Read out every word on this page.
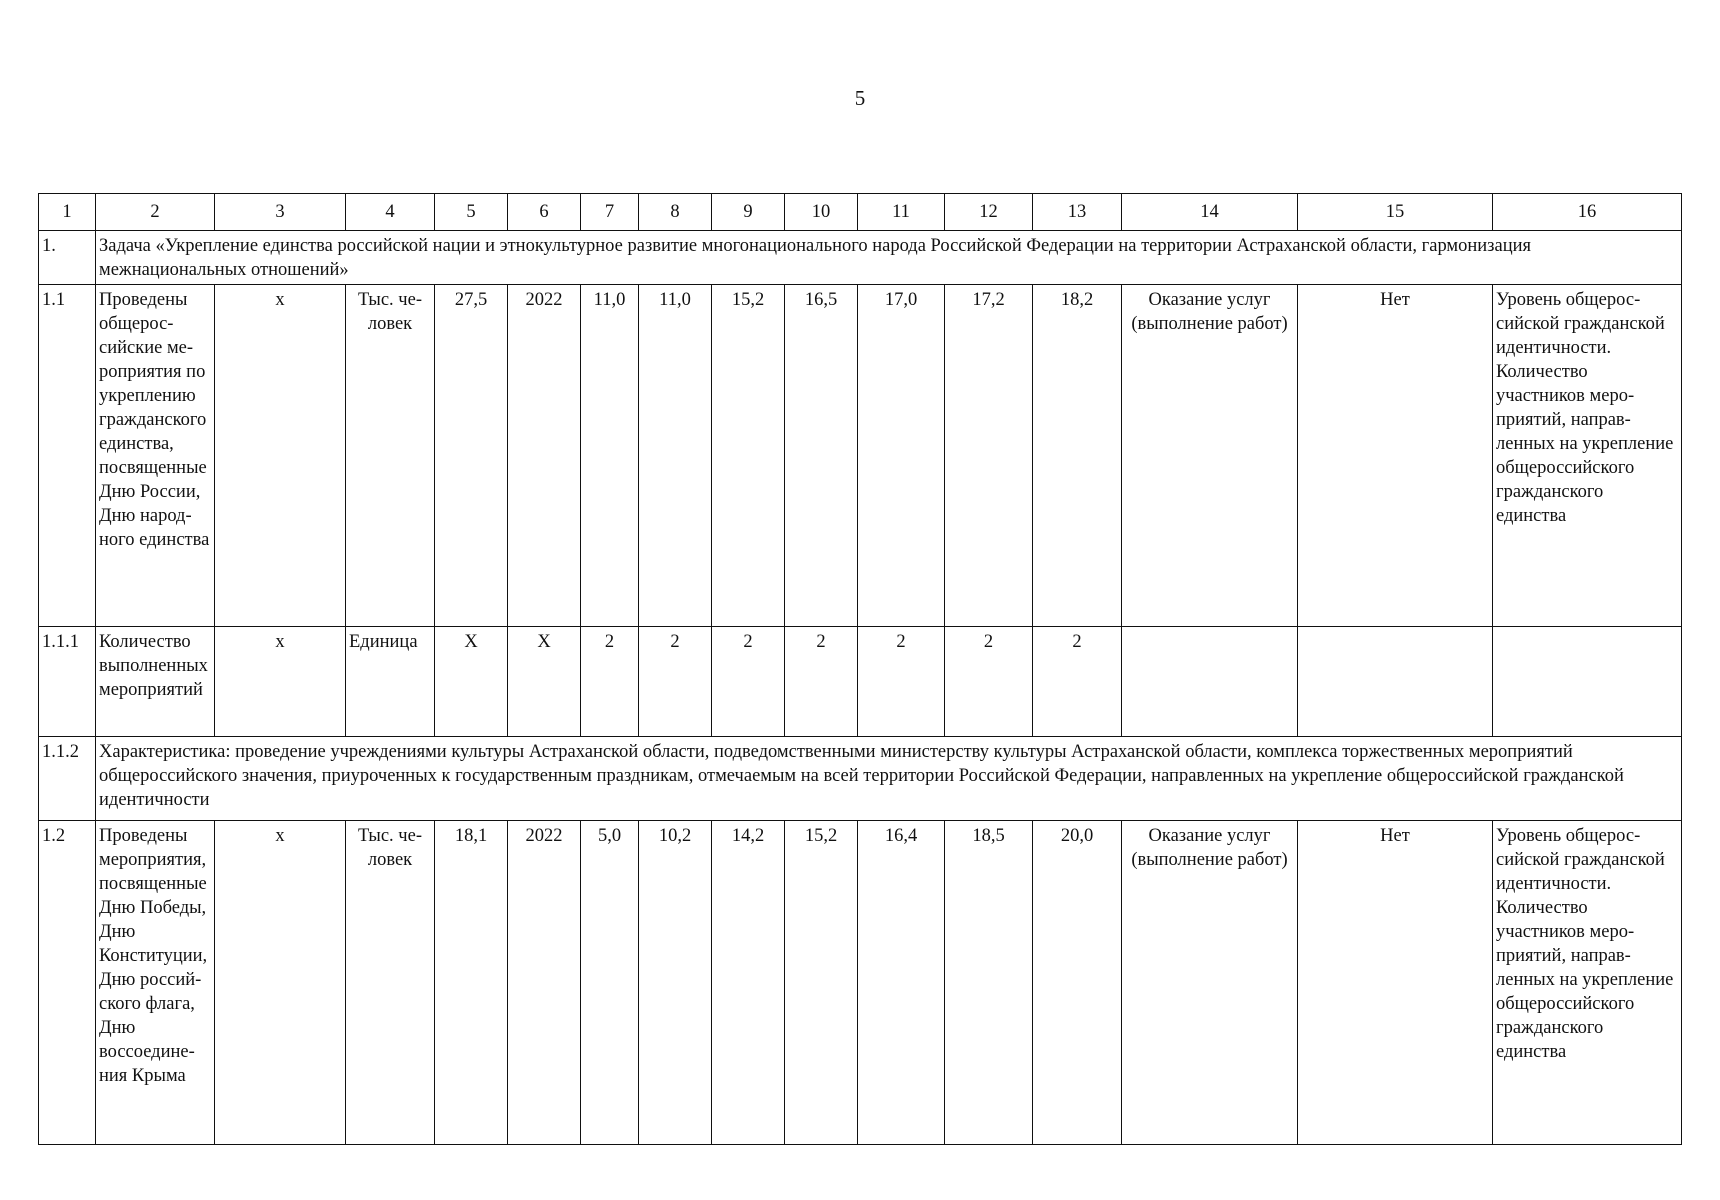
5
1	2	3	4	5	6	7	8	9	10	11	12	13	14	15	16
1.	Задача «Укрепление единства российской нации и этнокультурное развитие многонационального народа Российской Федерации на территории Астраханской области, гармонизация межнациональных отношений»														
1.1	Проведены общероссийские мероприятия по укреплению гражданского единства, посвященные Дню России, Дню народного единства	х	Тыс. человек	27,5	2022	11,0	11,0	15,2	16,5	17,0	17,2	18,2	Оказание услуг (выполнение работ)	Нет	Уровень общероссийской гражданской идентичности. Количество участников мероприятий, направленных на укрепление общероссийского гражданского единства
1.1.1	Количество выполненных мероприятий	х	Единица	Х	Х	2	2	2	2	2	2	2			
1.1.2	Характеристика: проведение учреждениями культуры Астраханской области, подведомственными министерству культуры Астраханской области, комплекса торжественных мероприятий общероссийского значения, приуроченных к государственным праздникам, отмечаемым на всей территории Российской Федерации, направленных на укрепление общероссийской гражданской идентичности														
1.2	Проведены мероприятия, посвященные Дню Победы, Дню Конституции, Дню российского флага, Дню воссоединения Крыма	х	Тыс. человек	18,1	2022	5,0	10,2	14,2	15,2	16,4	18,5	20,0	Оказание услуг (выполнение работ)	Нет	Уровень общероссийской гражданской идентичности. Количество участников мероприятий, направленных на укрепление общероссийского гражданского единства
